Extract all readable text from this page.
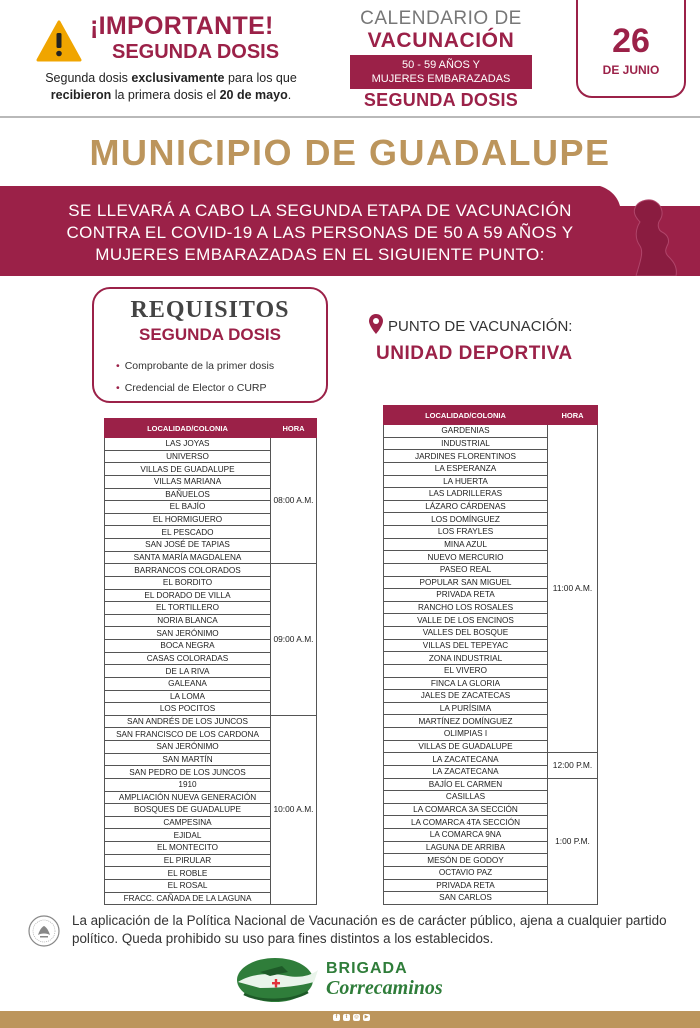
¡IMPORTANTE!
SEGUNDA DOSIS
Segunda dosis exclusivamente para los que
recibieron la primera dosis el 20 de mayo.
CALENDARIO DE
VACUNACIÓN
50 - 59 AÑOS Y
MUJERES EMBARAZADAS
SEGUNDA DOSIS
26
DE JUNIO
MUNICIPIO DE GUADALUPE
SE LLEVARÁ A CABO LA SEGUNDA ETAPA DE VACUNACIÓN
CONTRA EL COVID-19 A LAS PERSONAS DE 50 A 59 AÑOS Y
MUJERES EMBARAZADAS EN EL SIGUIENTE PUNTO:
REQUISITOS
SEGUNDA DOSIS
• Comprobante de la primer dosis
• Credencial de Elector o CURP
PUNTO DE VACUNACIÓN:
UNIDAD DEPORTIVA
LOCALIDAD/COLONIA	HORA
LAS JOYAS	08:00 A.M.
UNIVERSO	
VILLAS DE GUADALUPE	
VILLAS MARIANA	
BAÑUELOS	
EL BAJÍO	
EL HORMIGUERO	
EL PESCADO	
SAN JOSÉ DE TAPIAS	
SANTA MARÍA MAGDALENA	
BARRANCOS COLORADOS	09:00 A.M.
EL BORDITO	
EL DORADO DE VILLA	
EL TORTILLERO	
NORIA BLANCA	
SAN JERÓNIMO	
BOCA NEGRA	
CASAS COLORADAS	
DE LA RIVA	
GALEANA	
LA LOMA	
LOS POCITOS	
SAN ANDRÉS DE LOS JUNCOS	10:00 A.M.
SAN FRANCISCO DE LOS CARDONA	
SAN JERÓNIMO	
SAN MARTÍN	
SAN PEDRO DE LOS JUNCOS	
1910	
AMPLIACIÓN NUEVA GENERACIÓN	
BOSQUES DE GUADALUPE	
CAMPESINA	
EJIDAL	
EL MONTECITO	
EL PIRULAR	
EL ROBLE	
EL ROSAL	
FRACC. CAÑADA DE LA LAGUNA	
LOCALIDAD/COLONIA	HORA
GARDENIAS	11:00 A.M.
INDUSTRIAL	
JARDINES FLORENTINOS	
LA ESPERANZA	
LA HUERTA	
LAS LADRILLERAS	
LÁZARO CÁRDENAS	
LOS DOMÍNGUEZ	
LOS FRAYLES	
MINA AZUL	
NUEVO MERCURIO	
PASEO REAL	
POPULAR SAN MIGUEL	
PRIVADA RETA	
RANCHO LOS ROSALES	
VALLE DE LOS ENCINOS	
VALLES DEL BOSQUE	
VILLAS DEL TEPEYAC	
ZONA INDUSTRIAL	
EL VIVERO	
FINCA LA GLORIA	
JALES DE ZACATECAS	
LA PURÍSIMA	
MARTÍNEZ DOMÍNGUEZ	
OLIMPIAS I	
VILLAS DE GUADALUPE	
LA ZACATECANA	12:00 P.M.
LA ZACATECANA	
BAJÍO EL CARMEN	1:00 P.M.
CASILLAS	
LA COMARCA 3A SECCIÓN	
LA COMARCA 4TA SECCIÓN	
LA COMARCA 9NA	
LAGUNA DE ARRIBA	
MESÓN DE GODOY	
OCTAVIO PAZ	
PRIVADA RETA	
SAN CARLOS	
La aplicación de la Política Nacional de Vacunación es de carácter público, ajena a cualquier partido político. Queda prohibido su uso para fines distintos a los establecidos.
BRIGADA
Correcaminos
f	t	◎	▶
